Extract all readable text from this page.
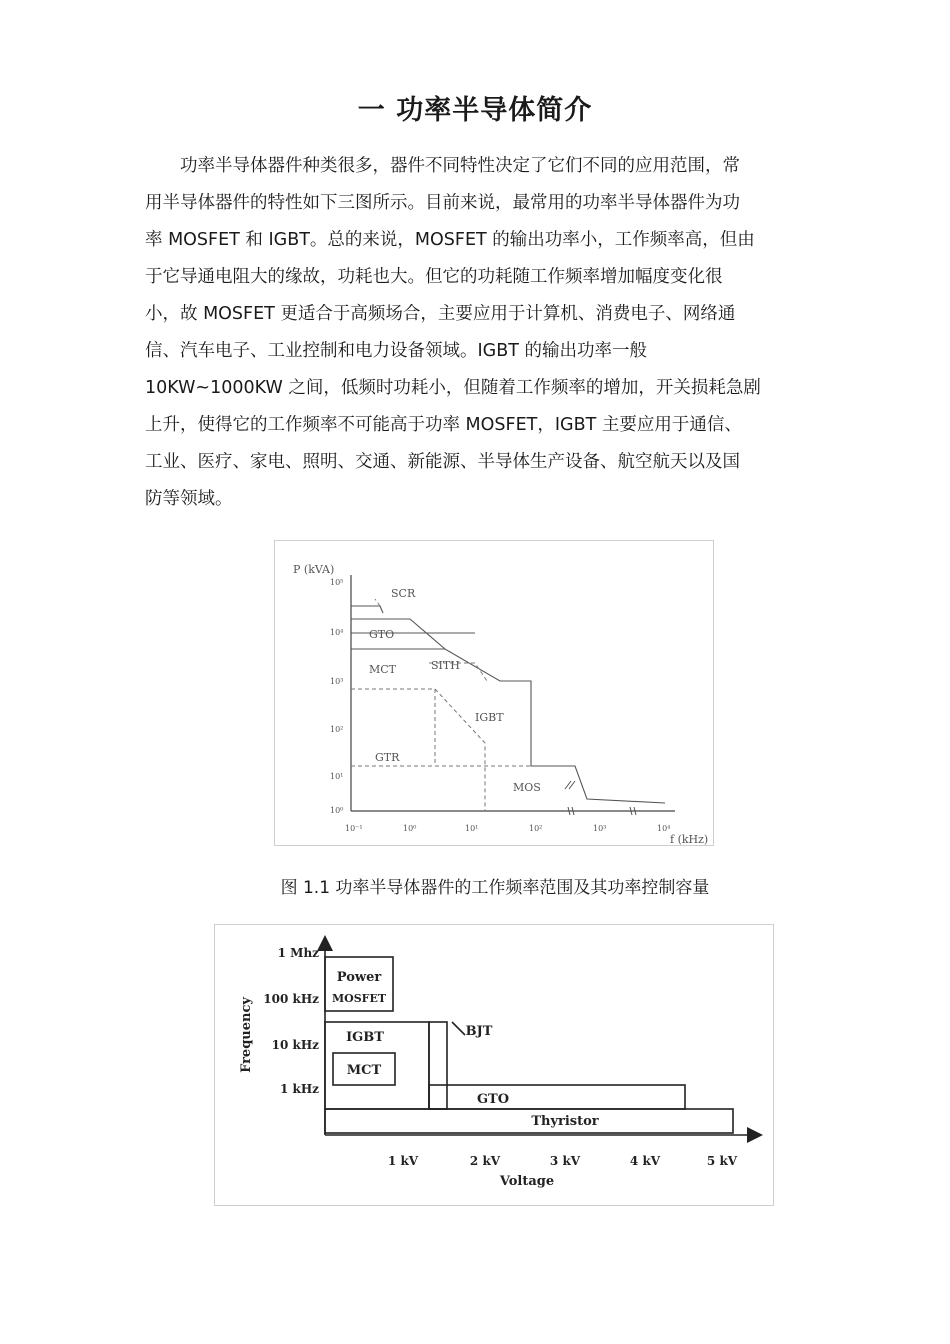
一 功率半导体简介
　　功率半导体器件种类很多，器件不同特性决定了它们不同的应用范围，常
用半导体器件的特性如下三图所示。目前来说，最常用的功率半导体器件为功
率 MOSFET 和 IGBT。总的来说，MOSFET 的输出功率小，工作频率高，但由
于它导通电阻大的缘故，功耗也大。但它的功耗随工作频率增加幅度变化很
小，故 MOSFET 更适合于高频场合，主要应用于计算机、消费电子、网络通
信、汽车电子、工业控制和电力设备领域。IGBT 的输出功率一般
10KW~1000KW 之间，低频时功耗小，但随着工作频率的增加，开关损耗急剧
上升，使得它的工作频率不可能高于功率 MOSFET，IGBT 主要应用于通信、
工业、医疗、家电、照明、交通、新能源、半导体生产设备、航空航天以及国
防等领域。
P (kVA)
f (kHz)
10⁵
10⁴
10³
10²
10¹
10⁰
10⁻¹	10⁰	10¹	10²	10³	10⁴
SCR
GTO
MCT	SITH
IGBT
GTR
MOS
图 1.1 功率半导体器件的工作频率范围及其功率控制容量
Frequency
Voltage
1 Mhz
100 kHz
10 kHz
1 kHz
1 kV	2 kV	3 kV	4 kV	5 kV
Power
MOSFET
IGBT
MCT
BJT
GTO
Thyristor
